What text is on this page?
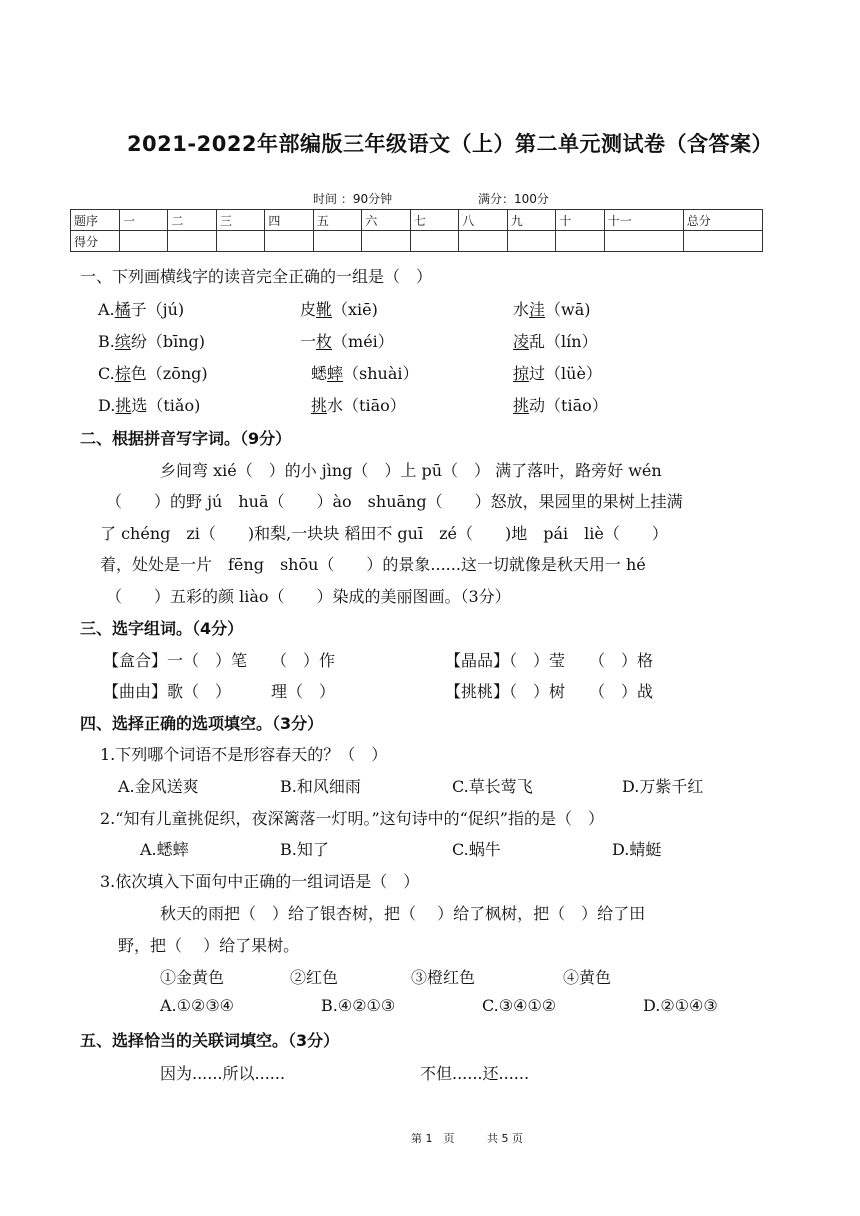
2021-2022年部编版三年级语文（上）第二单元测试卷（含答案）
时间 ：90分钟	满分：100分
题序	一	二	三	四	五	六	七	八	九	十	十一	总分
得分												
一、下列画横线字的读音完全正确的一组是（　）
A.橘子（jú)	皮靴（xiē)	水洼（wā)
B.缤纷（bīng)	一枚（méi）	凌乱（lín）
C.棕色（zōng)	蟋蟀（shuài）	掠过（lüè）
D.挑选（tiǎo)	挑水（tiāo）	挑动（tiāo）
二、根据拼音写字词。（9分）
乡间弯 xié（　）的小 jìng（　）上 pū（　） 满了落叶，路旁好 wén
（　　）的野 jú　huā（　　）ào　shuāng（　　）怒放，果园里的果树上挂满
了 chéng　zi（　　)和梨,一块块 稻田不 guī　zé（　　)地　pái　liè（　　）
着，处处是一片　fēng　shōu（　　）的景象......这一切就像是秋天用一 hé
（　　）五彩的颜 liào（　　）染成的美丽图画。（3分）
三、选字组词。（4分）
【盒合】一（　）笔　　（　）作	【晶品】（　）莹　　（　）格
【曲由】歌（　）　　　理（　）	【挑桃】（　）树　　（　）战
四、选择正确的选项填空。（3分）
1.下列哪个词语不是形容春天的？（　）
A.金风送爽	B.和风细雨	C.草长莺飞	D.万紫千红
2.“知有儿童挑促织，夜深篱落一灯明。”这句诗中的“促织”指的是（　）
A.蟋蟀	B.知了	C.蜗牛	D.蜻蜓
3.依次填入下面句中正确的一组词语是（　）
秋天的雨把（　）给了银杏树，把（　 ）给了枫树，把（　）给了田
野，把（　 ）给了果树。
①金黄色	②红色	③橙红色	④黄色
A.①②③④	B.④②①③	C.③④①②	D.②①④③
五、选择恰当的关联词填空。（3分）
因为......所以......	不但......还......
第 1　页	共 5 页
